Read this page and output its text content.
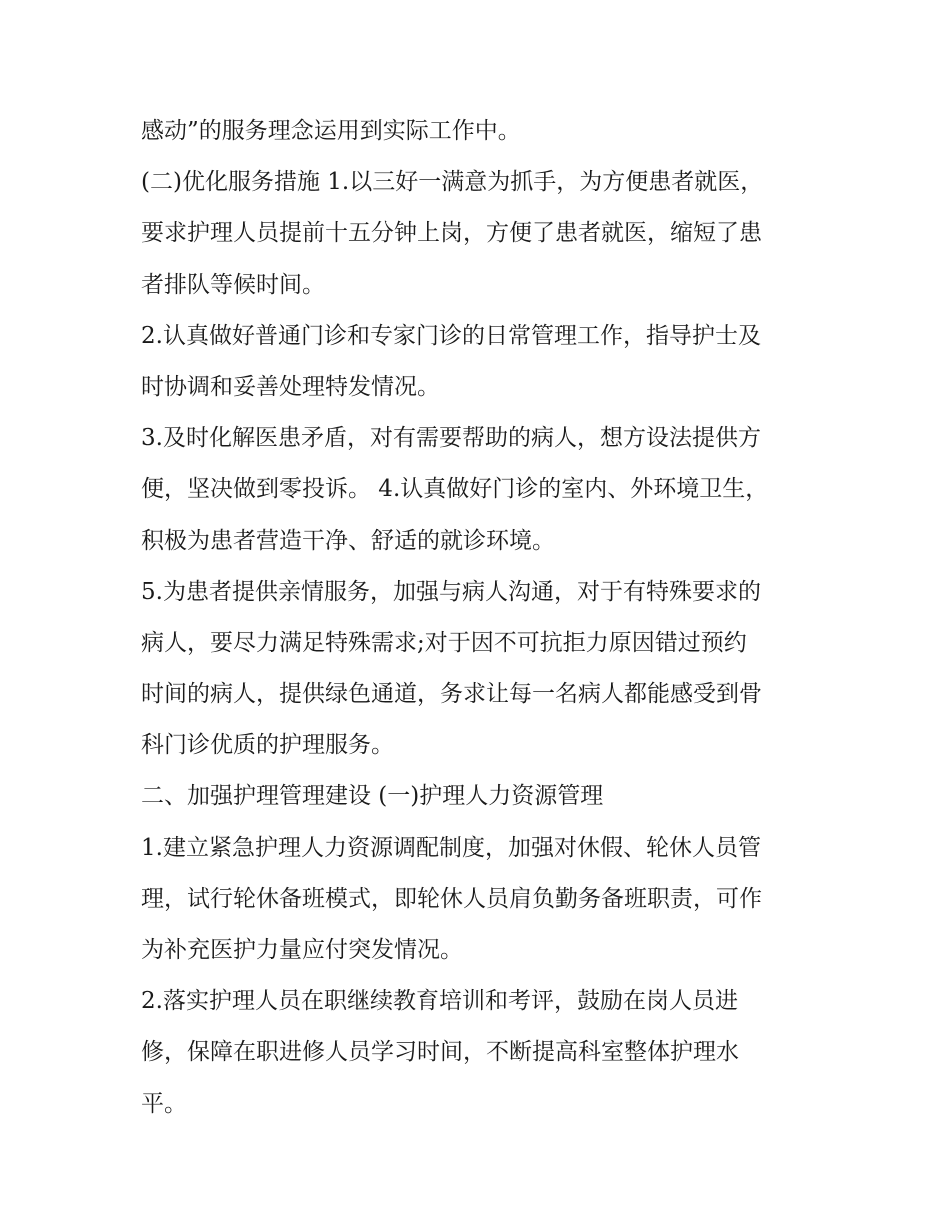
感动”的服务理念运用到实际工作中。
(二)优化服务措施 1.以三好一满意为抓手，为方便患者就医，
要求护理人员提前十五分钟上岗，方便了患者就医，缩短了患
者排队等候时间。
2.认真做好普通门诊和专家门诊的日常管理工作，指导护士及
时协调和妥善处理特发情况。
3.及时化解医患矛盾，对有需要帮助的病人，想方设法提供方
便，坚决做到零投诉。 4.认真做好门诊的室内、外环境卫生，
积极为患者营造干净、舒适的就诊环境。
5.为患者提供亲情服务，加强与病人沟通，对于有特殊要求的
病人，要尽力满足特殊需求;对于因不可抗拒力原因错过预约
时间的病人，提供绿色通道，务求让每一名病人都能感受到骨
科门诊优质的护理服务。
二、加强护理管理建设 (一)护理人力资源管理
1.建立紧急护理人力资源调配制度，加强对休假、轮休人员管
理，试行轮休备班模式，即轮休人员肩负勤务备班职责，可作
为补充医护力量应付突发情况。
2.落实护理人员在职继续教育培训和考评，鼓励在岗人员进
修，保障在职进修人员学习时间，不断提高科室整体护理水
平。
